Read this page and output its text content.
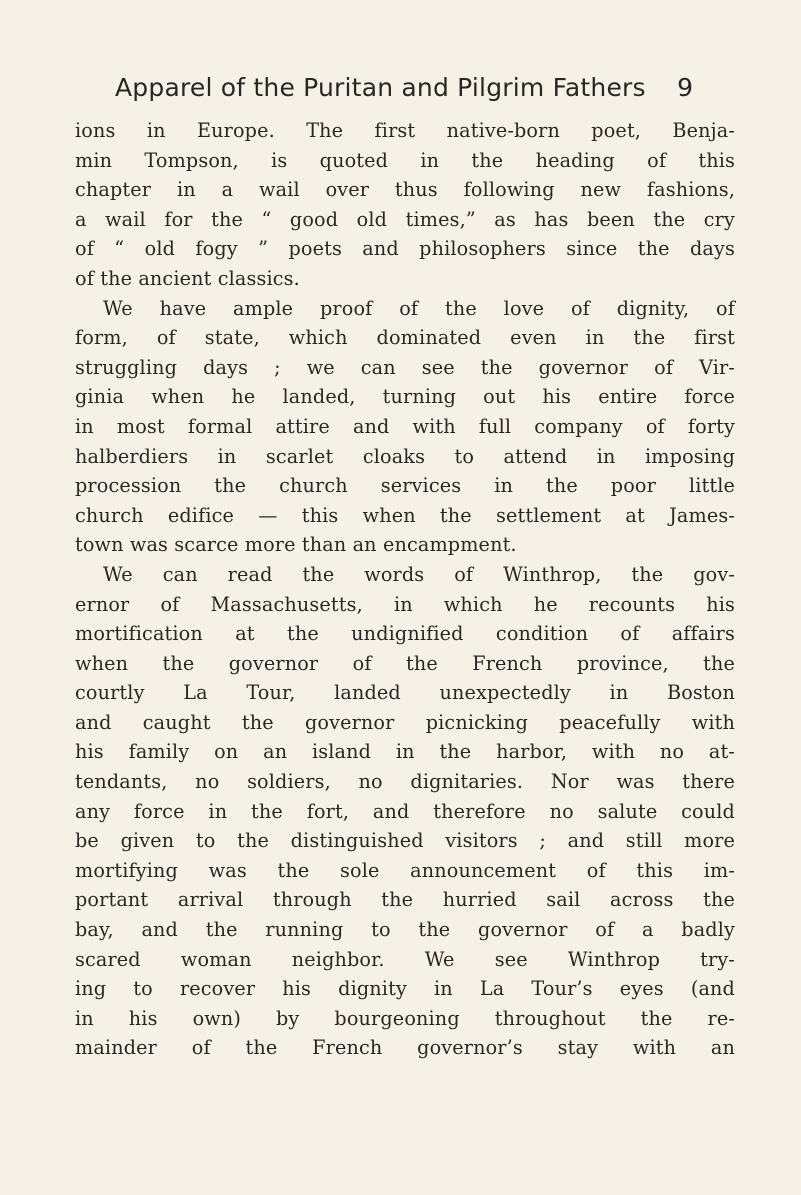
Apparel of the Puritan and Pilgrim Fathers 9
ions in Europe. The first native-born poet, Benja-
min Tompson, is quoted in the heading of this
chapter in a wail over thus following new fashions,
a wail for the “ good old times,” as has been the cry
of “ old fogy ” poets and philosophers since the days
of the ancient classics.
We have ample proof of the love of dignity, of
form, of state, which dominated even in the first
struggling days ; we can see the governor of Vir-
ginia when he landed, turning out his entire force
in most formal attire and with full company of forty
halberdiers in scarlet cloaks to attend in imposing
procession the church services in the poor little
church edifice — this when the settlement at James-
town was scarce more than an encampment.
We can read the words of Winthrop, the gov-
ernor of Massachusetts, in which he recounts his
mortification at the undignified condition of affairs
when the governor of the French province, the
courtly La Tour, landed unexpectedly in Boston
and caught the governor picnicking peacefully with
his family on an island in the harbor, with no at-
tendants, no soldiers, no dignitaries. Nor was there
any force in the fort, and therefore no salute could
be given to the distinguished visitors ; and still more
mortifying was the sole announcement of this im-
portant arrival through the hurried sail across the
bay, and the running to the governor of a badly
scared woman neighbor. We see Winthrop try-
ing to recover his dignity in La Tour’s eyes (and
in his own) by bourgeoning throughout the re-
mainder of the French governor’s stay with an
